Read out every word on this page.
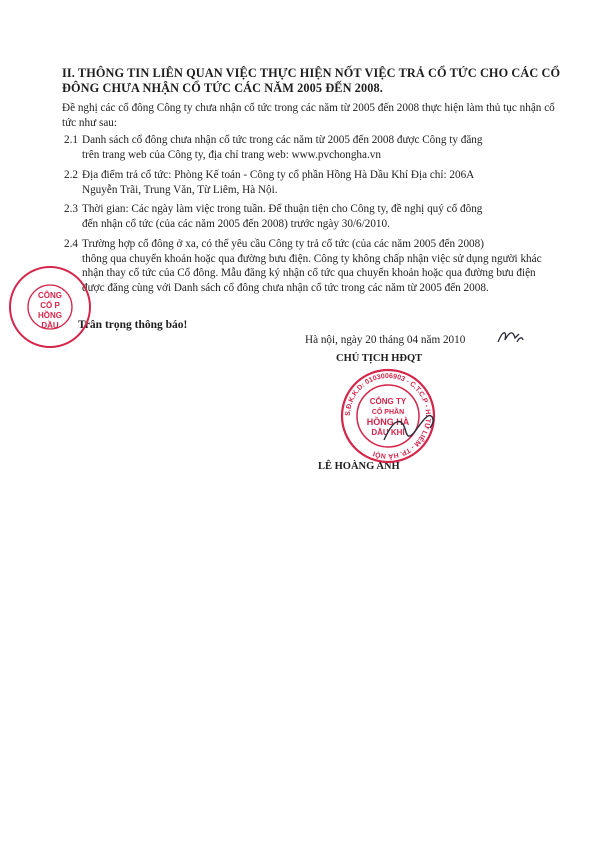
II. THÔNG TIN LIÊN QUAN VIỆC THỰC HIỆN NỐT VIỆC TRẢ CỔ TỨC CHO CÁC CỔ ĐÔNG CHƯA NHẬN CỔ TỨC CÁC NĂM 2005 ĐẾN 2008.
Đề nghị các cổ đông Công ty chưa nhận cổ tức trong các năm từ 2005 đến 2008 thực hiện làm thủ tục nhận cổ tức như sau:
2.1 Danh sách cổ đông chưa nhận cổ tức trong các năm từ 2005 đến 2008 được Công ty đăng
trên trang web của Công ty, địa chỉ trang web: www.pvchongha.vn
2.2 Địa điểm trả cổ tức: Phòng Kế toán - Công ty cổ phần Hồng Hà Dầu Khí Địa chỉ: 206A
Nguyễn Trãi, Trung Văn, Từ Liêm, Hà Nội.
2.3 Thời gian: Các ngày làm việc trong tuần. Để thuận tiện cho Công ty, đề nghị quý cổ đông
đến nhận cổ tức (của các năm 2005 đến 2008) trước ngày 30/6/2010.
2.4 Trường hợp cổ đông ở xa, có thể yêu cầu Công ty trả cổ tức (của các năm 2005 đến 2008)
thông qua chuyển khoản hoặc qua đường bưu điện. Công ty không chấp nhận việc sử dụng người khác nhận thay cổ tức của Cổ đông. Mẫu đăng ký nhận cổ tức qua chuyển khoản hoặc qua đường bưu điện được đăng cùng với Danh sách cổ đông chưa nhận cổ tức trong các năm từ 2005 đến 2008.
Trân trọng thông báo!
Hà nội, ngày 20 tháng 04 năm 2010
CHỦ TỊCH HĐQT
LÊ HOÀNG ANH
CÔNG
CỔ P
HỒNG
DẦU
S.Đ.K.K.D: 0103006903 - C.T.C.P - H. TỪ LIÊM - TP. HÀ NỘI
CÔNG TY
CỔ PHẦN
HỒNG HÀ
DẦU KHÍ
